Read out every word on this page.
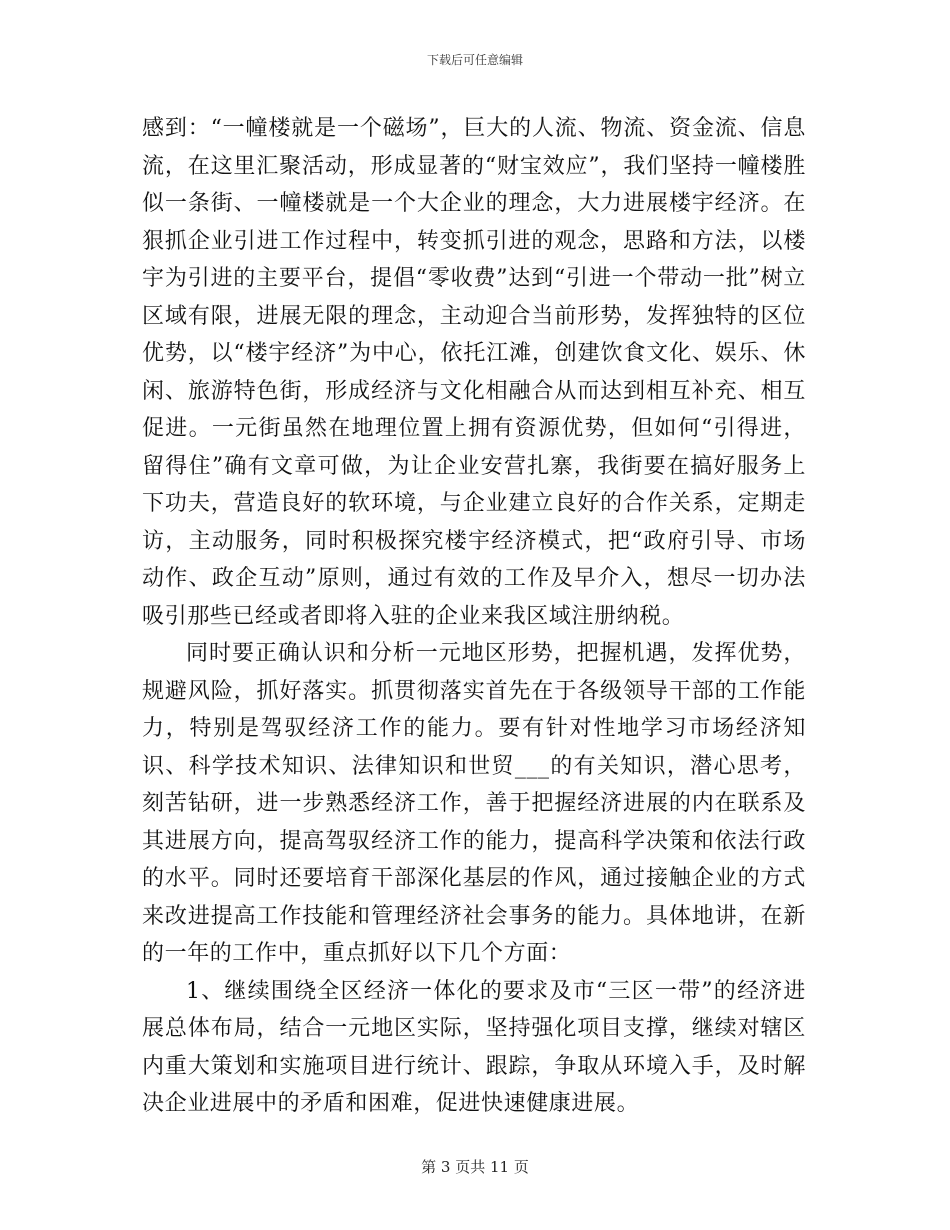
下载后可任意编辑

感到：“一幢楼就是一个磁场”，巨大的人流、物流、资金流、信息流，在这里汇聚活动，形成显著的“财宝效应”，我们坚持一幢楼胜似一条街、一幢楼就是一个大企业的理念，大力进展楼宇经济。在狠抓企业引进工作过程中，转变抓引进的观念，思路和方法，以楼宇为引进的主要平台，提倡“零收费”达到“引进一个带动一批”树立区域有限，进展无限的理念，主动迎合当前形势，发挥独特的区位优势，以“楼宇经济”为中心，依托江滩，创建饮食文化、娱乐、休闲、旅游特色街，形成经济与文化相融合从而达到相互补充、相互促进。一元街虽然在地理位置上拥有资源优势，但如何“引得进，留得住”确有文章可做，为让企业安营扎寨，我街要在搞好服务上下功夫，营造良好的软环境，与企业建立良好的合作关系，定期走访，主动服务，同时积极探究楼宇经济模式，把“政府引导、市场动作、政企互动”原则，通过有效的工作及早介入，想尽一切办法吸引那些已经或者即将入驻的企业来我区域注册纳税。

同时要正确认识和分析一元地区形势，把握机遇，发挥优势，规避风险，抓好落实。抓贯彻落实首先在于各级领导干部的工作能力，特别是驾驭经济工作的能力。要有针对性地学习市场经济知识、科学技术知识、法律知识和世贸___的有关知识，潜心思考，刻苦钻研，进一步熟悉经济工作，善于把握经济进展的内在联系及其进展方向，提高驾驭经济工作的能力，提高科学决策和依法行政的水平。同时还要培育干部深化基层的作风，通过接触企业的方式来改进提高工作技能和管理经济社会事务的能力。具体地讲，在新的一年的工作中，重点抓好以下几个方面：

1、继续围绕全区经济一体化的要求及市“三区一带”的经济进展总体布局，结合一元地区实际，坚持强化项目支撑，继续对辖区内重大策划和实施项目进行统计、跟踪，争取从环境入手，及时解决企业进展中的矛盾和困难，促进快速健康进展。

第 3 页共 11 页
